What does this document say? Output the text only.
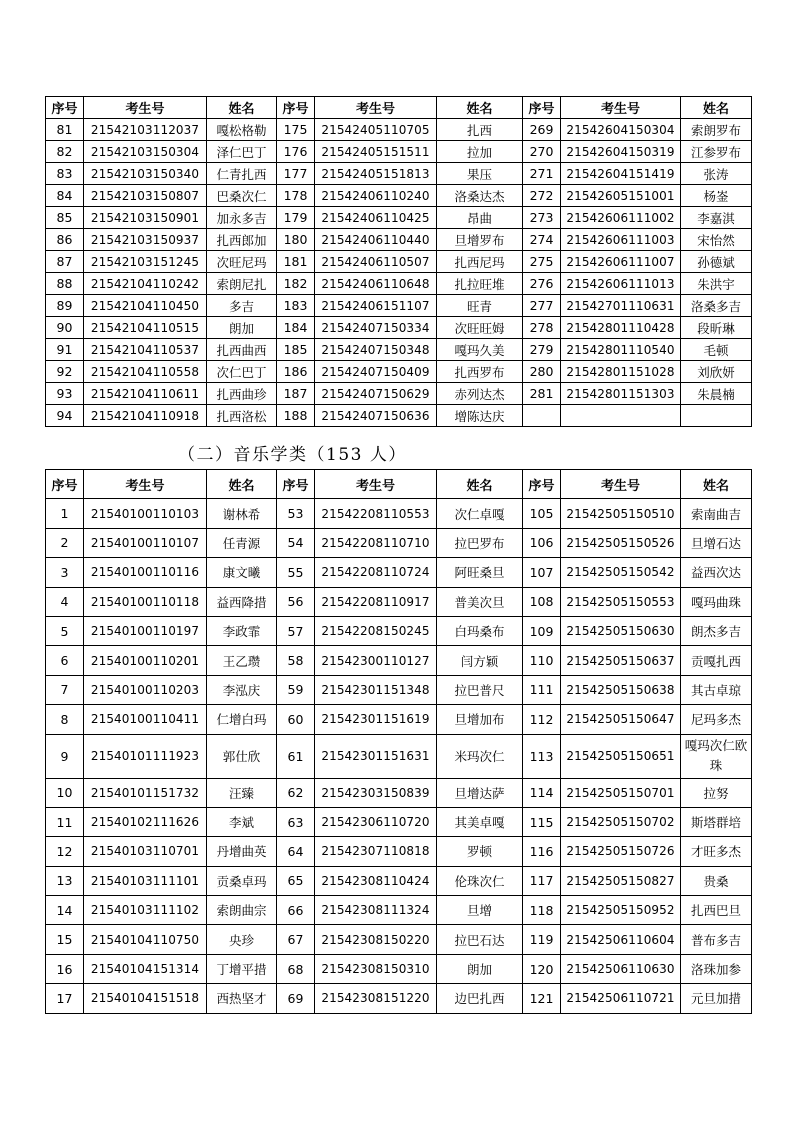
序号	考生号	姓名	序号	考生号	姓名	序号	考生号	姓名
81	21542103112037	嘎松格勒	175	21542405110705	扎西	269	21542604150304	索朗罗布
82	21542103150304	泽仁巴丁	176	21542405151511	拉加	270	21542604150319	江参罗布
83	21542103150340	仁青扎西	177	21542405151813	果压	271	21542604151419	张涛
84	21542103150807	巴桑次仁	178	21542406110240	洛桑达杰	272	21542605151001	杨崟
85	21542103150901	加永多吉	179	21542406110425	昂曲	273	21542606111002	李嘉淇
86	21542103150937	扎西郎加	180	21542406110440	旦增罗布	274	21542606111003	宋怡然
87	21542103151245	次旺尼玛	181	21542406110507	扎西尼玛	275	21542606111007	孙德斌
88	21542104110242	索朗尼扎	182	21542406110648	扎拉旺堆	276	21542606111013	朱洪宇
89	21542104110450	多吉	183	21542406151107	旺青	277	21542701110631	洛桑多吉
90	21542104110515	朗加	184	21542407150334	次旺旺姆	278	21542801110428	段昕琳
91	21542104110537	扎西曲西	185	21542407150348	嘎玛久美	279	21542801110540	毛顿
92	21542104110558	次仁巴丁	186	21542407150409	扎西罗布	280	21542801151028	刘欣妍
93	21542104110611	扎西曲珍	187	21542407150629	赤列达杰	281	21542801151303	朱晨楠
94	21542104110918	扎西洛松	188	21542407150636	增陈达庆			
（二）音乐学类（153 人）
序号	考生号	姓名	序号	考生号	姓名	序号	考生号	姓名
1	21540100110103	谢林希	53	21542208110553	次仁卓嘎	105	21542505150510	索南曲吉
2	21540100110107	任青源	54	21542208110710	拉巴罗布	106	21542505150526	旦增石达
3	21540100110116	康文曦	55	21542208110724	阿旺桑旦	107	21542505150542	益西次达
4	21540100110118	益西降措	56	21542208110917	普美次旦	108	21542505150553	嘎玛曲珠
5	21540100110197	李政霏	57	21542208150245	白玛桑布	109	21542505150630	朗杰多吉
6	21540100110201	王乙瓒	58	21542300110127	闫方颖	110	21542505150637	贡嘎扎西
7	21540100110203	李泓庆	59	21542301151348	拉巴普尺	111	21542505150638	其古卓琼
8	21540100110411	仁增白玛	60	21542301151619	旦增加布	112	21542505150647	尼玛多杰
9	21540101111923	郭仕欣	61	21542301151631	米玛次仁	113	21542505150651	嘎玛次仁欧珠
10	21540101151732	汪臻	62	21542303150839	旦增达萨	114	21542505150701	拉努
11	21540102111626	李斌	63	21542306110720	其美卓嘎	115	21542505150702	斯塔群培
12	21540103110701	丹增曲英	64	21542307110818	罗顿	116	21542505150726	才旺多杰
13	21540103111101	贡桑卓玛	65	21542308110424	伦珠次仁	117	21542505150827	贵桑
14	21540103111102	索朗曲宗	66	21542308111324	旦增	118	21542505150952	扎西巴旦
15	21540104110750	央珍	67	21542308150220	拉巴石达	119	21542506110604	普布多吉
16	21540104151314	丁增平措	68	21542308150310	朗加	120	21542506110630	洛珠加参
17	21540104151518	西热坚才	69	21542308151220	边巴扎西	121	21542506110721	元旦加措
